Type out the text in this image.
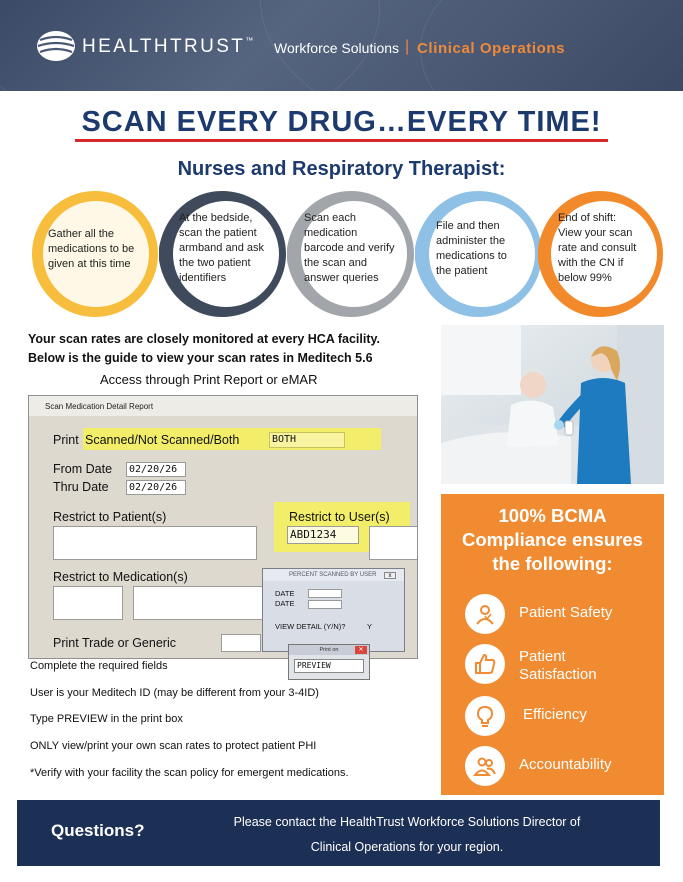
HEALTHTRUST™ Workforce Solutions | Clinical Operations
SCAN EVERY DRUG…EVERY TIME!
Nurses and Respiratory Therapist:
Gather all the
medications to be
given at this time
At the bedside,
scan the patient
armband and ask
the two patient
identifiers
Scan each
medication
barcode and verify
the scan and
answer queries
File and then
administer the
medications to
the patient
End of shift:
View your scan
rate and consult
with the CN if
below 99%
Your scan rates are closely monitored at every HCA facility.
Below is the guide to view your scan rates in Meditech 5.6
Access through Print Report or eMAR
Scan Medication Detail Report
Print Scanned/Not Scanned/Both	BOTH
From Date	02/20/26
Thru Date	02/20/26
Restrict to Patient(s)	Restrict to User(s)
ABD1234
Restrict to Medication(s)
Print Trade or Generic
PERCENT SCANNED BY USER	x
DATE
DATE
VIEW DETAIL (Y/N)?	Y
Print on	✕
PREVIEW
Complete the required fields
User is your Meditech ID (may be different from your 3-4ID)
Type PREVIEW in the print box
ONLY view/print your own scan rates to protect patient PHI
*Verify with your facility the scan policy for emergent medications.
100% BCMA
Compliance ensures
the following:
Patient Safety
Patient
Satisfaction
Efficiency
Accountability
Questions?	Please contact the HealthTrust Workforce Solutions Director of
Clinical Operations for your region.
